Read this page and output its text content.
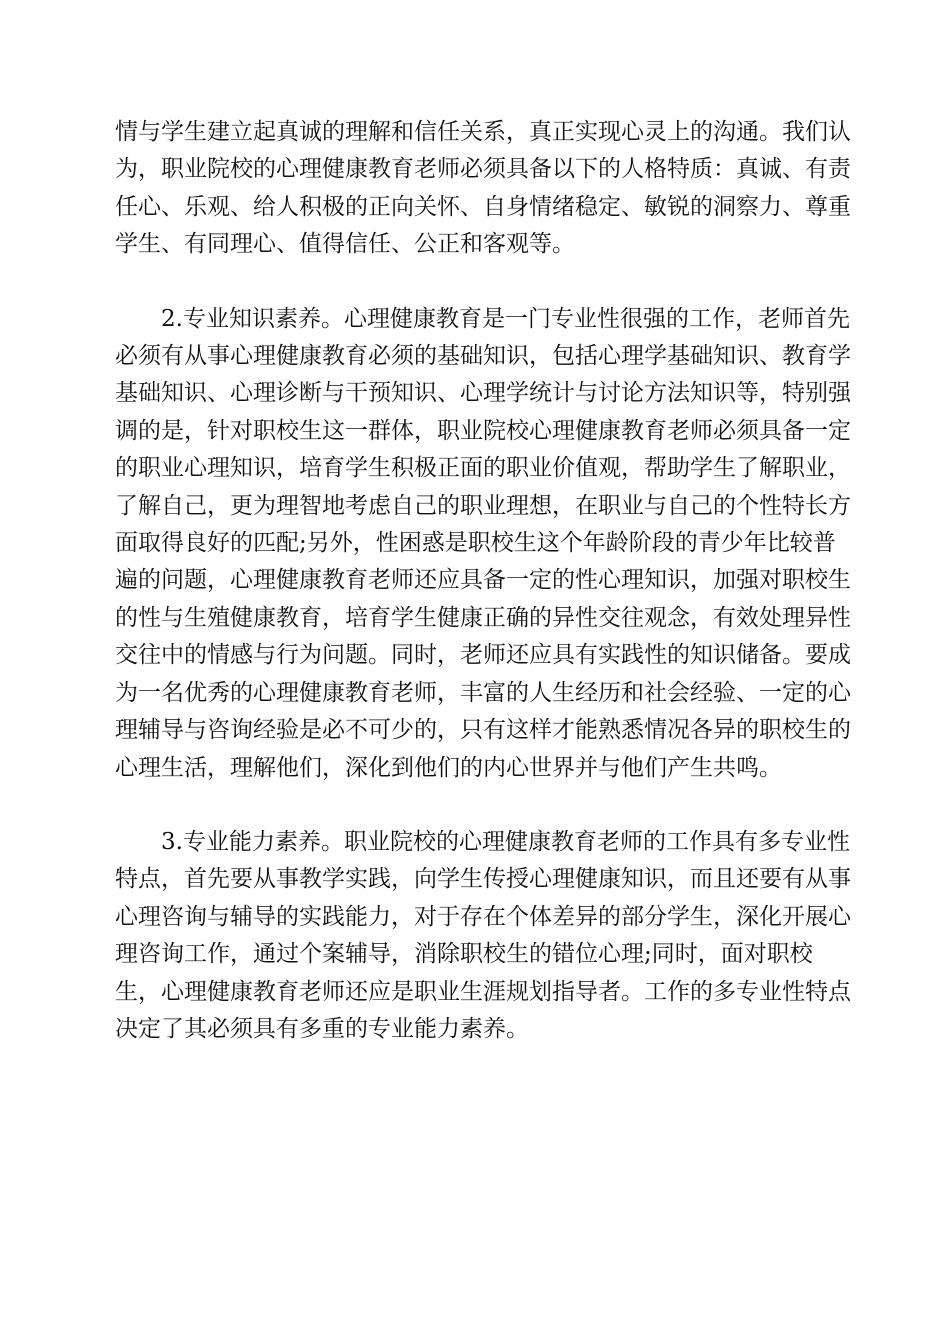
情与学生建立起真诚的理解和信任关系，真正实现心灵上的沟通。我们认
为，职业院校的心理健康教育老师必须具备以下的人格特质：真诚、有责
任心、乐观、给人积极的正向关怀、自身情绪稳定、敏锐的洞察力、尊重
学生、有同理心、值得信任、公正和客观等。

2.专业知识素养。心理健康教育是一门专业性很强的工作，老师首先
必须有从事心理健康教育必须的基础知识，包括心理学基础知识、教育学
基础知识、心理诊断与干预知识、心理学统计与讨论方法知识等，特别强
调的是，针对职校生这一群体，职业院校心理健康教育老师必须具备一定
的职业心理知识，培育学生积极正面的职业价值观，帮助学生了解职业，
了解自己，更为理智地考虑自己的职业理想，在职业与自己的个性特长方
面取得良好的匹配;另外，性困惑是职校生这个年龄阶段的青少年比较普
遍的问题，心理健康教育老师还应具备一定的性心理知识，加强对职校生
的性与生殖健康教育，培育学生健康正确的异性交往观念，有效处理异性
交往中的情感与行为问题。同时，老师还应具有实践性的知识储备。要成
为一名优秀的心理健康教育老师，丰富的人生经历和社会经验、一定的心
理辅导与咨询经验是必不可少的，只有这样才能熟悉情况各异的职校生的
心理生活，理解他们，深化到他们的内心世界并与他们产生共鸣。

3.专业能力素养。职业院校的心理健康教育老师的工作具有多专业性
特点，首先要从事教学实践，向学生传授心理健康知识，而且还要有从事
心理咨询与辅导的实践能力，对于存在个体差异的部分学生，深化开展心
理咨询工作，通过个案辅导，消除职校生的错位心理;同时，面对职校
生，心理健康教育老师还应是职业生涯规划指导者。工作的多专业性特点
决定了其必须具有多重的专业能力素养。
